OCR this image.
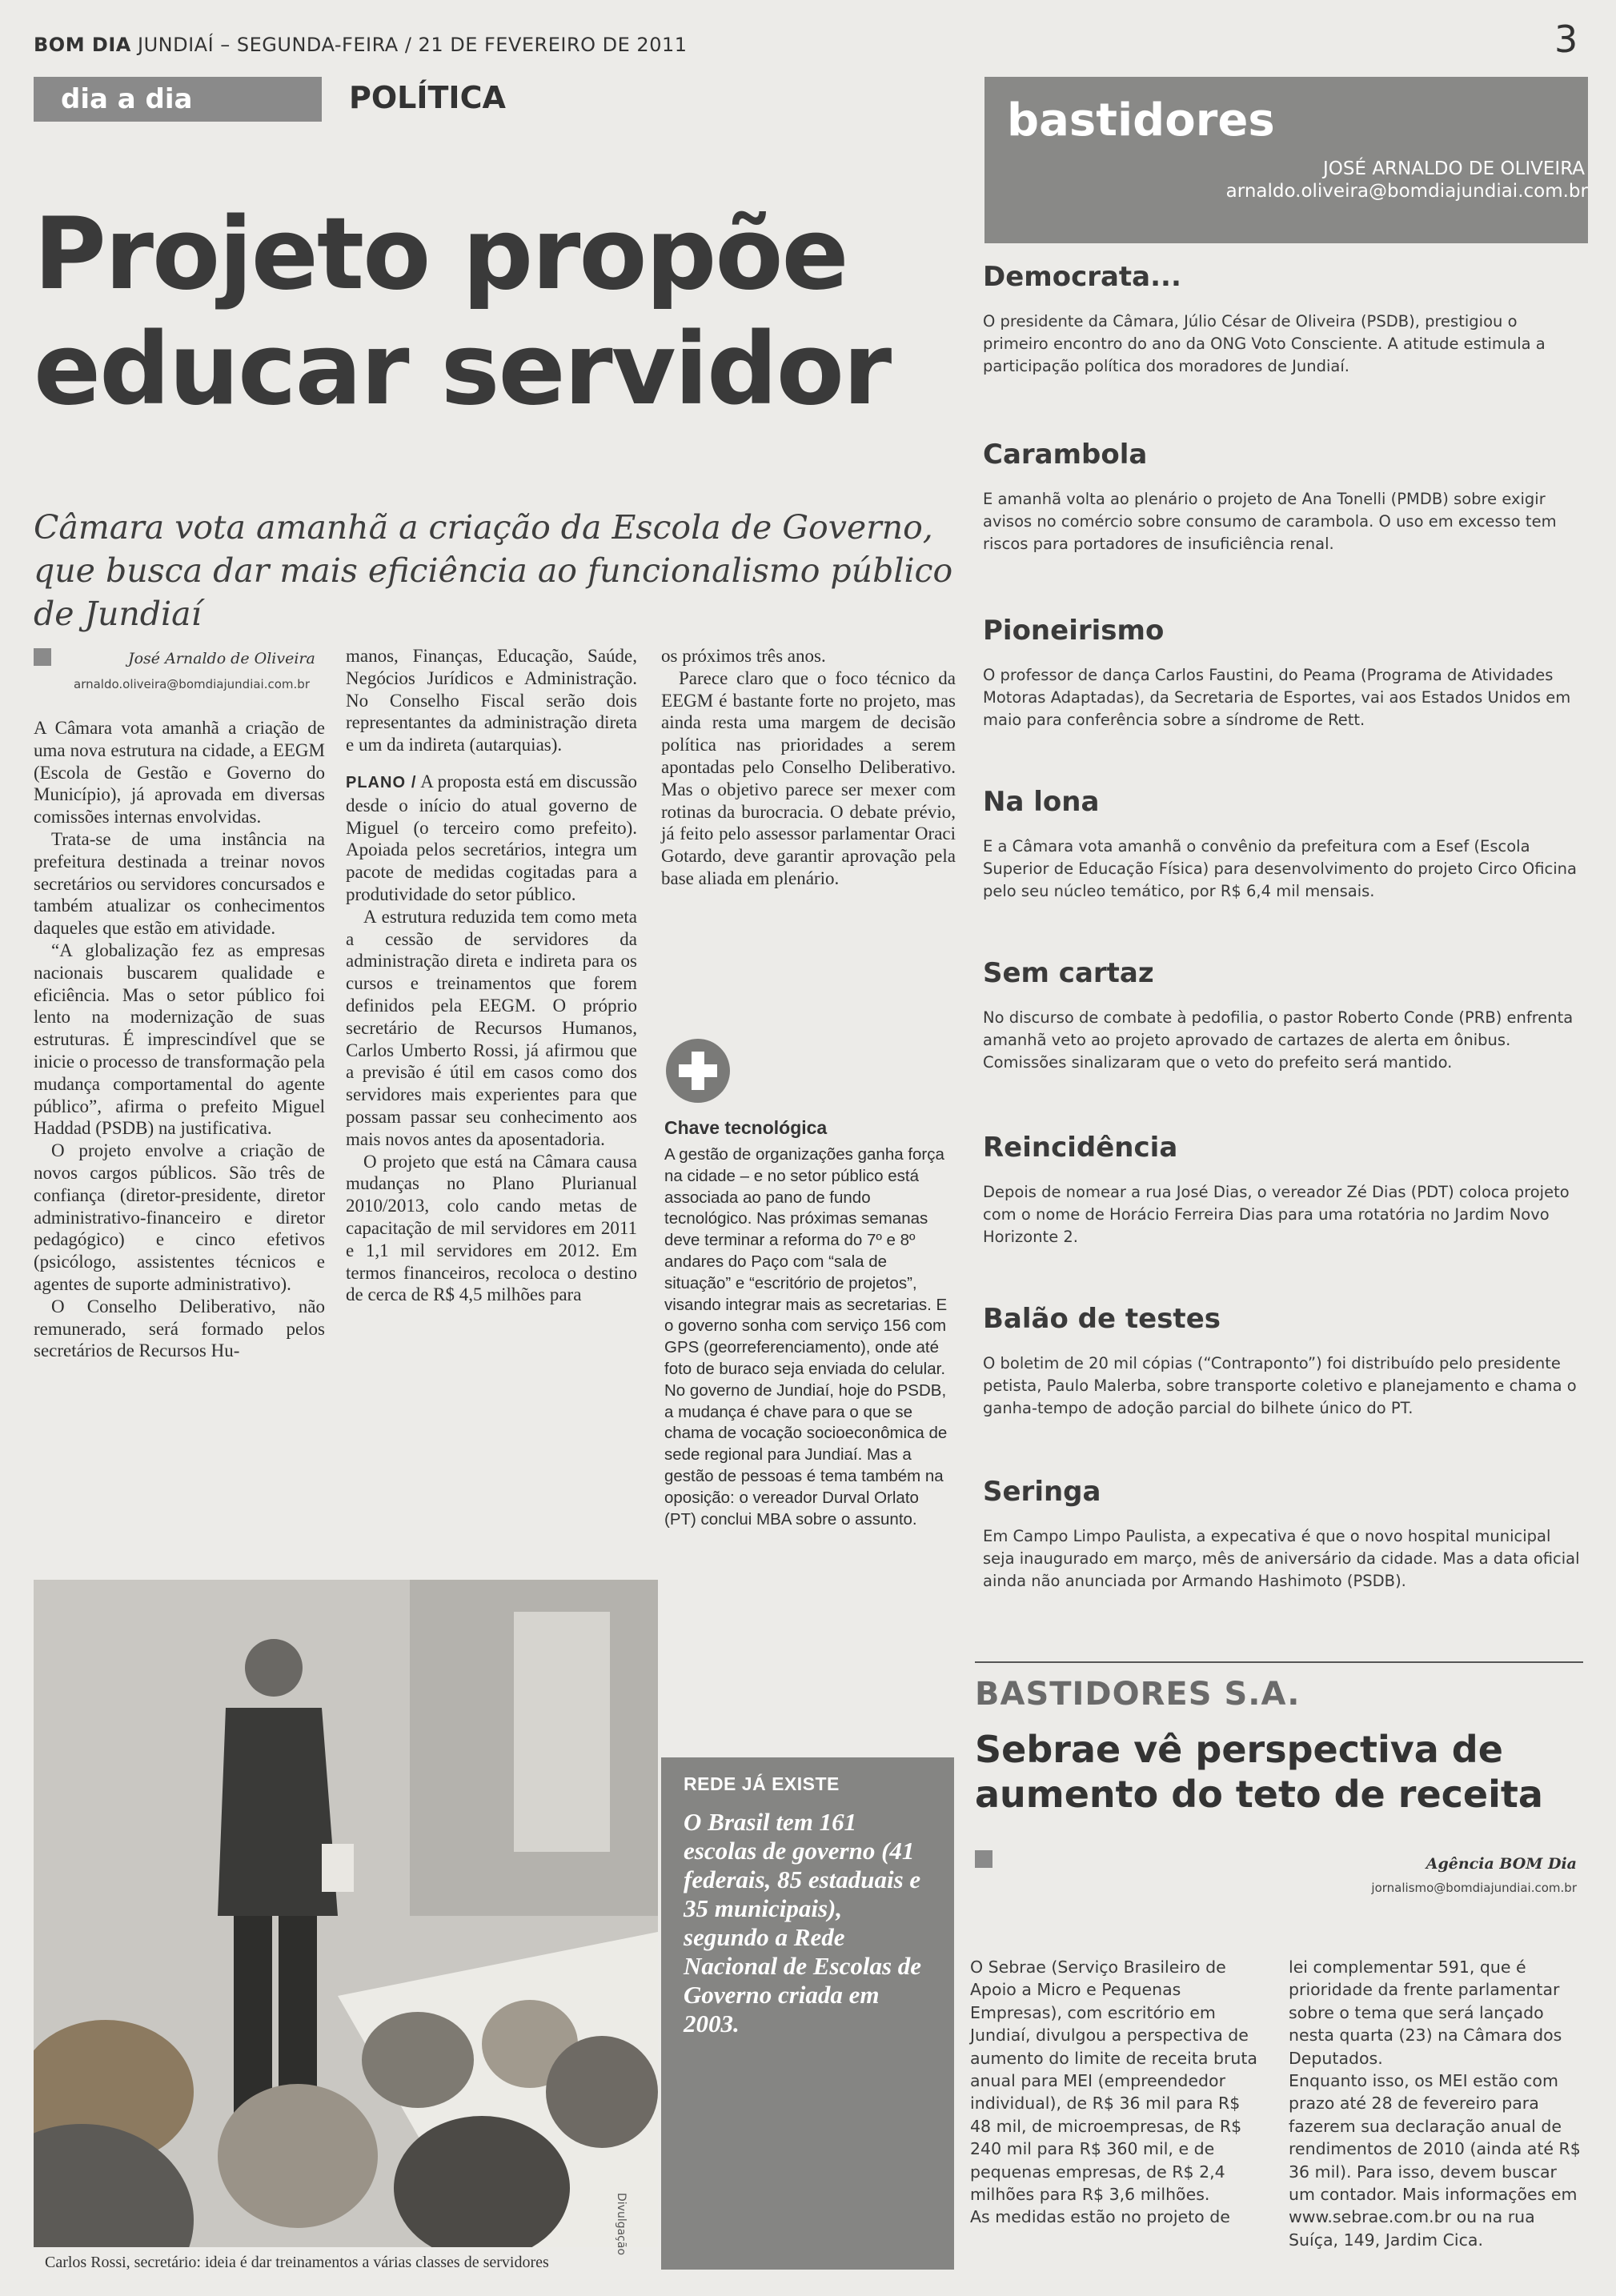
BOM DIA JUNDIAÍ – SEGUNDA-FEIRA / 21 DE FEVEREIRO DE 2011	3
dia a dia	POLÍTICA
Projeto propõe
educar servidor
Câmara vota amanhã a criação da Escola de Governo, que busca dar mais eficiência ao funcionalismo público de Jundiaí
José Arnaldo de Oliveira
arnaldo.oliveira@bomdiajundiai.com.br

A Câmara vota amanhã a criação de uma nova estrutura na cidade, a EEGM (Escola de Gestão e Governo do Município), já aprovada em diversas comissões internas envolvidas.

Trata-se de uma instância na prefeitura destinada a treinar novos secretários ou servidores concursados e também atualizar os conhecimentos daqueles que estão em atividade.

“A globalização fez as empresas nacionais buscarem qualidade e eficiência. Mas o setor público foi lento na modernização de suas estruturas. É imprescindível que se inicie o processo de transformação pela mudança comportamental do agente público”, afirma o prefeito Miguel Haddad (PSDB) na justificativa.

O projeto envolve a criação de novos cargos públicos. São três de confiança (diretor-presidente, diretor administrativo-financeiro e diretor pedagógico) e cinco efetivos (psicólogo, assistentes técnicos e agentes de suporte administrativo).

O Conselho Deliberativo, não remunerado, será formado pelos secretários de Recursos Hu-

manos, Finanças, Educação, Saúde, Negócios Jurídicos e Administração. No Conselho Fiscal serão dois representantes da administração direta e um da indireta (autarquias).

PLANO / A proposta está em discussão desde o início do atual governo de Miguel (o terceiro como prefeito). Apoiada pelos secretários, integra um pacote de medidas cogitadas para a produtividade do setor público.

A estrutura reduzida tem como meta a cessão de servidores da administração direta e indireta para os cursos e treinamentos que forem definidos pela EEGM. O próprio secretário de Recursos Humanos, Carlos Umberto Rossi, já afirmou que a previsão é útil em casos como dos servidores mais experientes para que possam passar seu conhecimento aos mais novos antes da aposentadoria.

O projeto que está na Câmara causa mudanças no Plano Plurianual 2010/2013, colo cando metas de capacitação de mil servidores em 2011 e 1,1 mil servidores em 2012. Em termos financeiros, recoloca o destino de cerca de R$ 4,5 milhões para

os próximos três anos.

Parece claro que o foco técnico da EEGM é bastante forte no projeto, mas ainda resta uma margem de decisão política nas prioridades a serem apontadas pelo Conselho Deliberativo. Mas o objetivo parece ser mexer com rotinas da burocracia. O debate prévio, já feito pelo assessor parlamentar Oraci Gotardo, deve garantir aprovação pela base aliada em plenário.

Chave tecnológica
A gestão de organizações ganha força na cidade – e no setor público está associada ao pano de fundo tecnológico. Nas próximas semanas deve terminar a reforma do 7º e 8º andares do Paço com “sala de situação” e “escritório de projetos”, visando integrar mais as secretarias. E o governo sonha com serviço 156 com GPS (georreferenciamento), onde até foto de buraco seja enviada do celular. No governo de Jundiaí, hoje do PSDB, a mudança é chave para o que se chama de vocação socioeconômica de sede regional para Jundiaí. Mas a gestão de pessoas é tema também na oposição: o vereador Durval Orlato (PT) conclui MBA sobre o assunto.
Carlos Rossi, secretário: ideia é dar treinamentos a várias classes de servidores
Divulgação
REDE JÁ EXISTE
O Brasil tem 161 escolas de governo (41 federais, 85 estaduais e 35 municipais), segundo a Rede Nacional de Escolas de Governo criada em 2003.
bastidores
JOSÉ ARNALDO DE OLIVEIRA
arnaldo.oliveira@bomdiajundiai.com.br
Democrata...

O presidente da Câmara, Júlio César de Oliveira (PSDB), prestigiou o primeiro encontro do ano da ONG Voto Consciente. A atitude estimula a participação política dos moradores de Jundiaí.

Carambola

E amanhã volta ao plenário o projeto de Ana Tonelli (PMDB) sobre exigir avisos no comércio sobre consumo de carambola. O uso em excesso tem riscos para portadores de insuficiência renal.

Pioneirismo

O professor de dança Carlos Faustini, do Peama (Programa de Atividades Motoras Adaptadas), da Secretaria de Esportes, vai aos Estados Unidos em maio para conferência sobre a síndrome de Rett.

Na lona

E a Câmara vota amanhã o convênio da prefeitura com a Esef (Escola Superior de Educação Física) para desenvolvimento do projeto Circo Oficina pelo seu núcleo temático, por R$ 6,4 mil mensais.

Sem cartaz

No discurso de combate à pedofilia, o pastor Roberto Conde (PRB) enfrenta amanhã veto ao projeto aprovado de cartazes de alerta em ônibus. Comissões sinalizaram que o veto do prefeito será mantido.

Reincidência

Depois de nomear a rua José Dias, o vereador Zé Dias (PDT) coloca projeto com o nome de Horácio Ferreira Dias para uma rotatória no Jardim Novo Horizonte 2.

Balão de testes

O boletim de 20 mil cópias (“Contraponto”) foi distribuído pelo presidente petista, Paulo Malerba, sobre transporte coletivo e planejamento e chama o ganha-tempo de adoção parcial do bilhete único do PT.

Seringa

Em Campo Limpo Paulista, a expecativa é que o novo hospital municipal seja inaugurado em março, mês de aniversário da cidade. Mas a data oficial ainda não anunciada por Armando Hashimoto (PSDB).

BASTIDORES S.A.
Sebrae vê perspectiva de aumento do teto de receita
Agência BOM Dia
jornalismo@bomdiajundiai.com.br

O Sebrae (Serviço Brasileiro de Apoio a Micro e Pequenas Empresas), com escritório em Jundiaí, divulgou a perspectiva de aumento do limite de receita bruta anual para MEI (empreendedor individual), de R$ 36 mil para R$ 48 mil, de microempresas, de R$ 240 mil para R$ 360 mil, e de pequenas empresas, de R$ 2,4 milhões para R$ 3,6 milhões.

As medidas estão no projeto de

lei complementar 591, que é prioridade da frente parlamentar sobre o tema que será lançado nesta quarta (23) na Câmara dos Deputados.

Enquanto isso, os MEI estão com prazo até 28 de fevereiro para fazerem sua declaração anual de rendimentos de 2010 (ainda até R$ 36 mil). Para isso, devem buscar um contador. Mais informações em www.sebrae.com.br ou na rua Suíça, 149, Jardim Cica.
